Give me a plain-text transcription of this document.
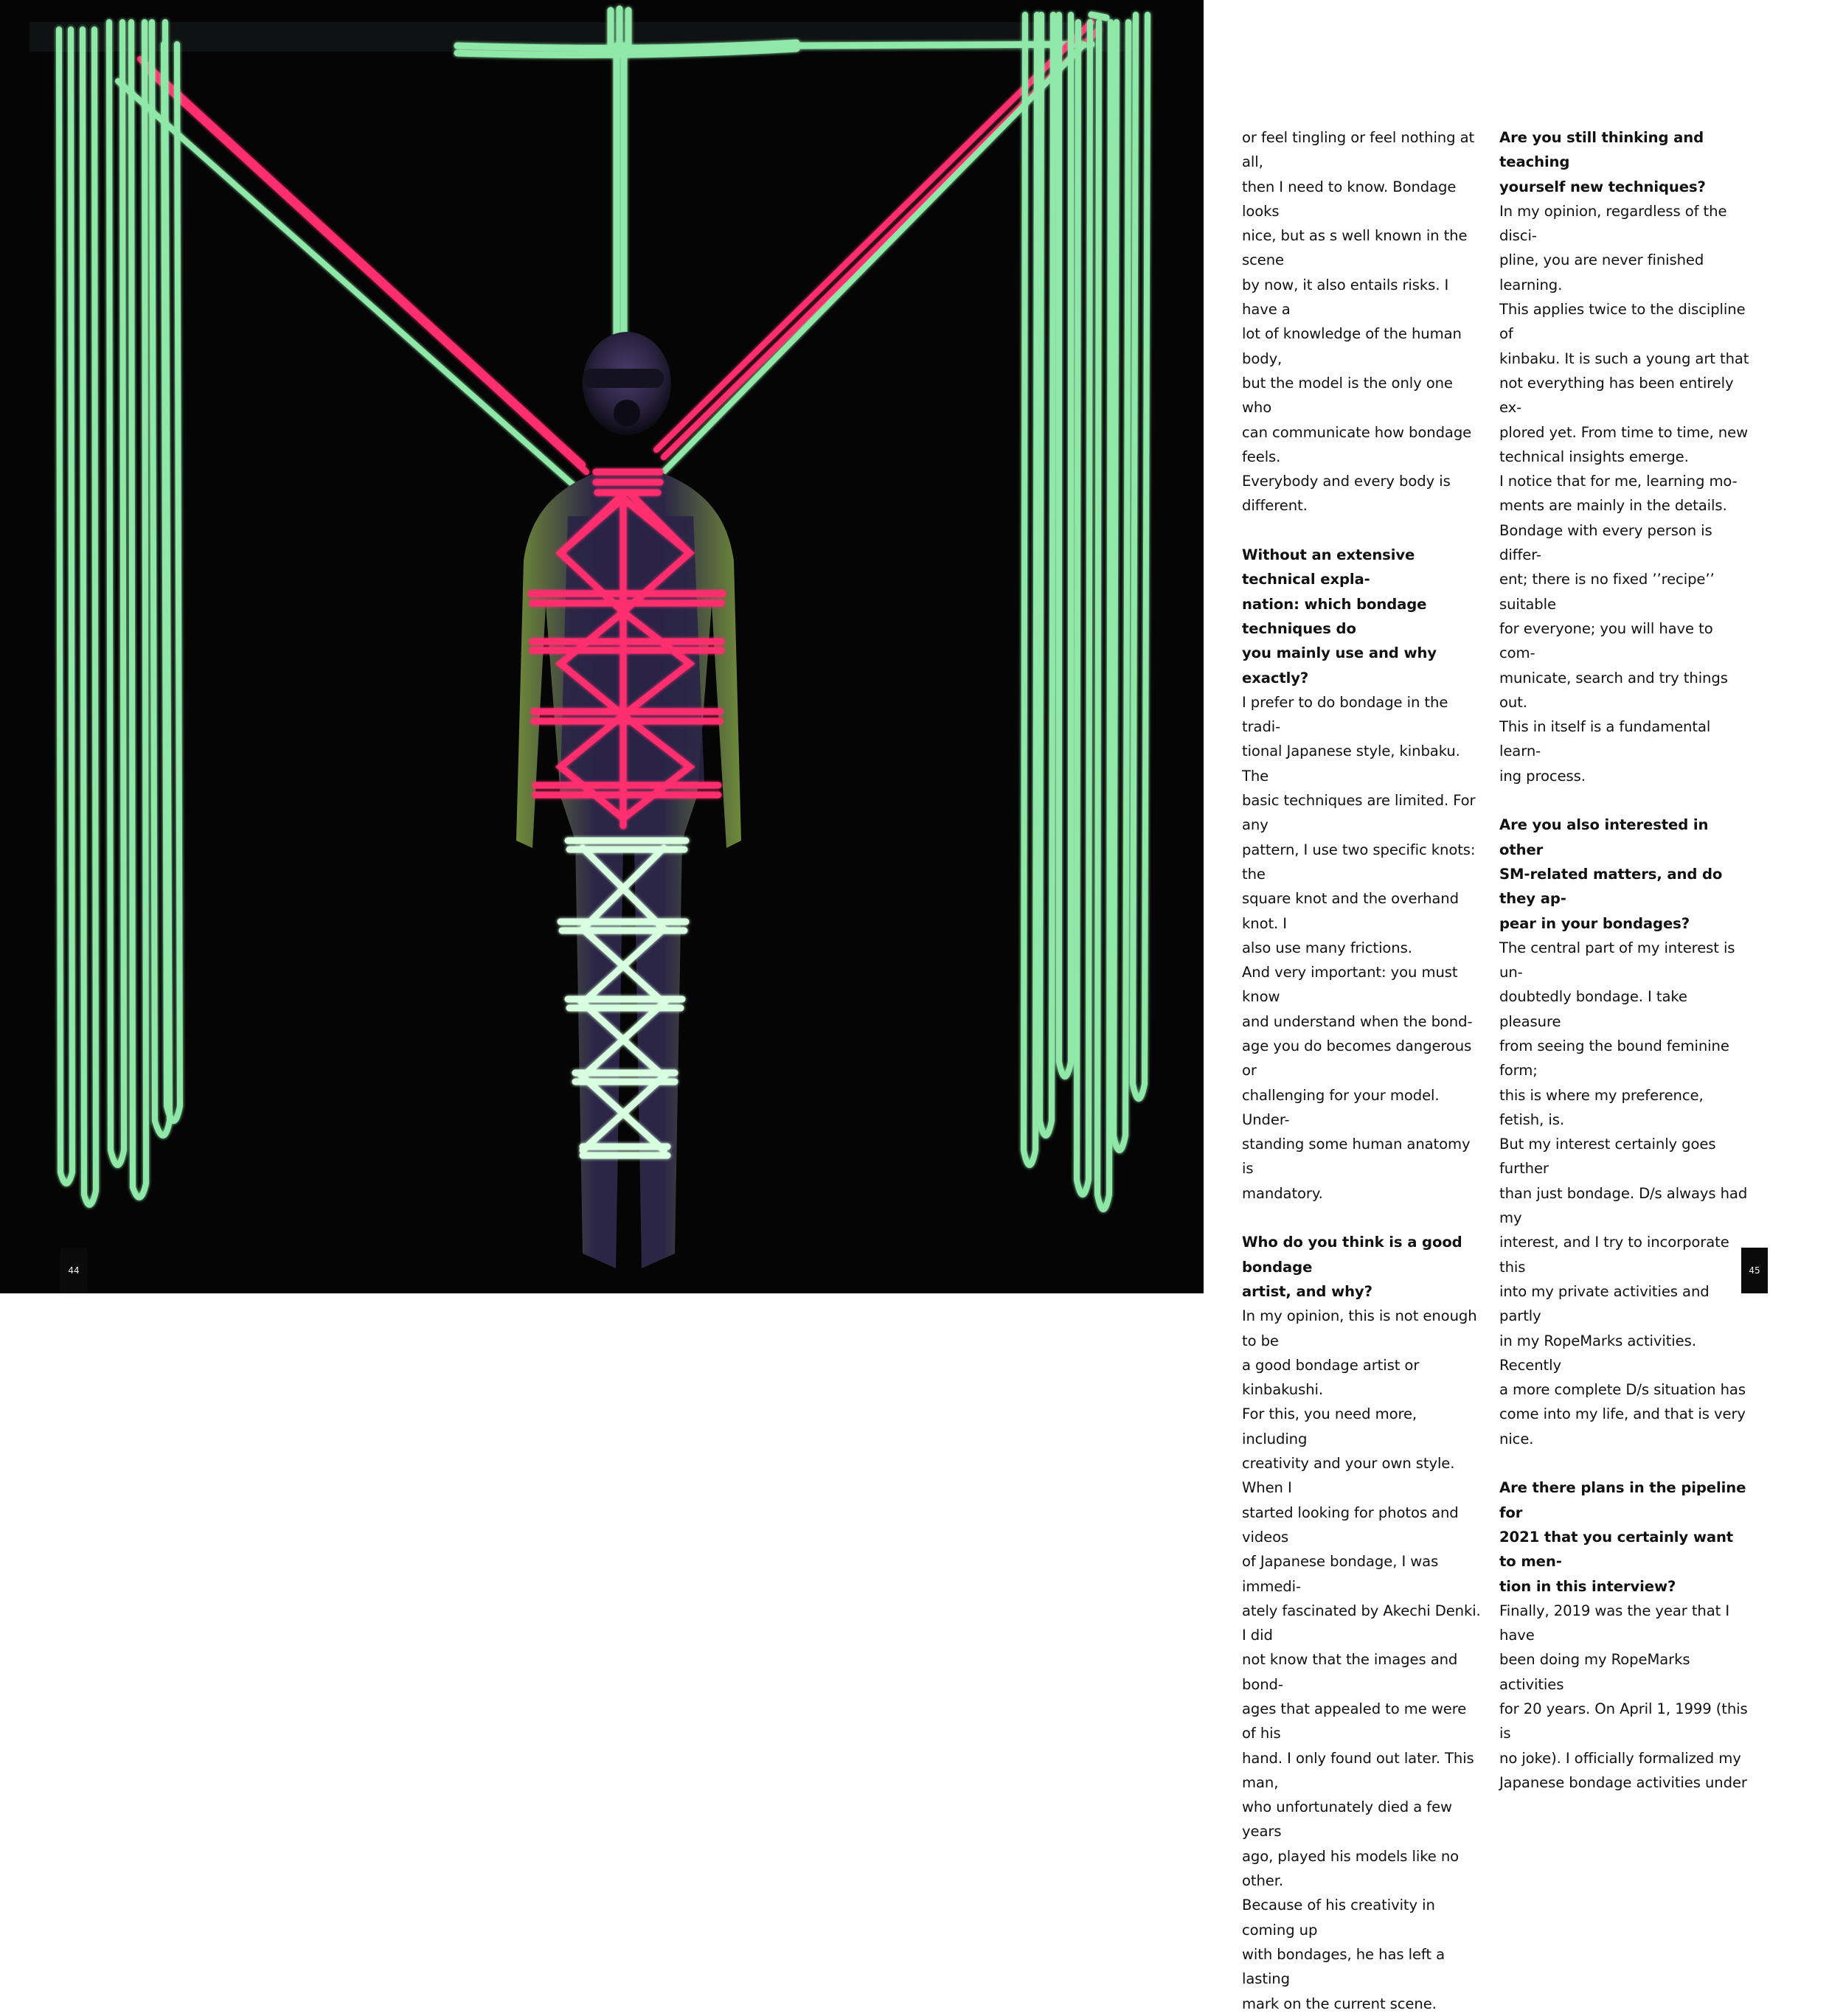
44

or feel tingling or feel nothing at all,
then I need to know. Bondage looks
nice, but as s well known in the scene
by now, it also entails risks. I have a
lot of knowledge of the human body,
but the model is the only one who
can communicate how bondage feels.
Everybody and every body is different.

Without an extensive technical expla-
nation: which bondage techniques do
you mainly use and why exactly?

I prefer to do bondage in the tradi-
tional Japanese style, kinbaku. The
basic techniques are limited. For any
pattern, I use two specific knots: the
square knot and the overhand knot. I
also use many frictions.

And very important: you must know
and understand when the bond-
age you do becomes dangerous or
challenging for your model. Under-
standing some human anatomy is
mandatory.

Who do you think is a good bondage
artist, and why?

In my opinion, this is not enough to be
a good bondage artist or kinbakushi.
For this, you need more, including
creativity and your own style. When I
started looking for photos and videos
of Japanese bondage, I was immedi-
ately fascinated by Akechi Denki. I did
not know that the images and bond-
ages that appealed to me were of his
hand. I only found out later. This man,
who unfortunately died a few years
ago, played his models like no other.
Because of his creativity in coming up
with bondages, he has left a lasting
mark on the current scene.

Are you still thinking and teaching
yourself new techniques?

In my opinion, regardless of the disci-
pline, you are never finished learning.
This applies twice to the discipline of
kinbaku. It is such a young art that
not everything has been entirely ex-
plored yet. From time to time, new
technical insights emerge.

I notice that for me, learning mo-
ments are mainly in the details.
Bondage with every person is differ-
ent; there is no fixed ’’recipe’’ suitable
for everyone; you will have to com-
municate, search and try things out.
This in itself is a fundamental learn-
ing process.

Are you also interested in other
SM-related matters, and do they ap-
pear in your bondages?

The central part of my interest is un-
doubtedly bondage. I take pleasure
from seeing the bound feminine form;
this is where my preference, fetish, is.
But my interest certainly goes further
than just bondage. D/s always had my
interest, and I try to incorporate this
into my private activities and partly
in my RopeMarks activities. Recently
a more complete D/s situation has
come into my life, and that is very
nice.

Are there plans in the pipeline for
2021 that you certainly want to men-
tion in this interview?

Finally, 2019 was the year that I have
been doing my RopeMarks activities
for 20 years. On April 1, 1999 (this is
no joke). I officially formalized my
Japanese bondage activities under

45
